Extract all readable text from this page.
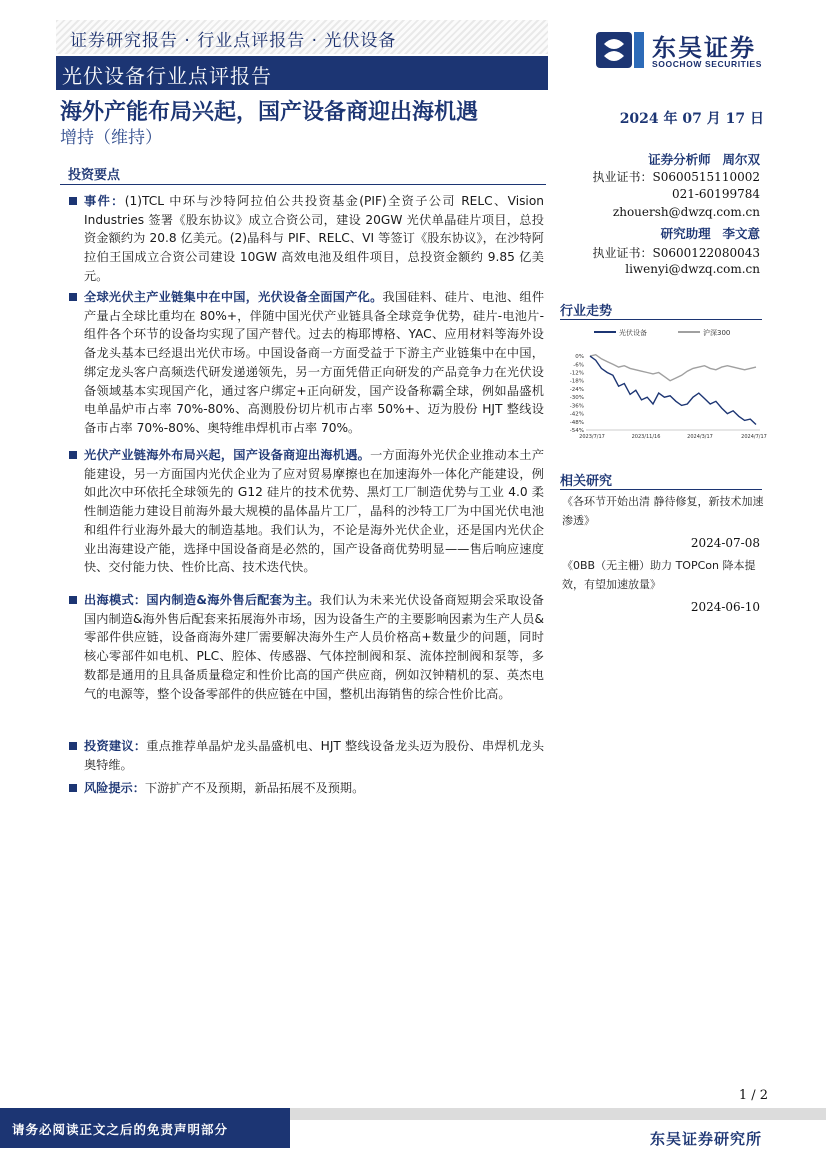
证券研究报告 · 行业点评报告 · 光伏设备
光伏设备行业点评报告
东吴证券
SOOCHOW SECURITIES
海外产能布局兴起，国产设备商迎出海机遇
增持（维持）
2024 年 07 月 17 日
投资要点
事件：(1)TCL 中环与沙特阿拉伯公共投资基金(PIF)全资子公司 RELC、Vision Industries 签署《股东协议》成立合资公司，建设 20GW 光伏单晶硅片项目，总投资金额约为 20.8 亿美元。(2)晶科与 PIF、RELC、VI 等签订《股东协议》，在沙特阿拉伯王国成立合资公司建设 10GW 高效电池及组件项目，总投资金额约 9.85 亿美元。
全球光伏主产业链集中在中国，光伏设备全面国产化。我国硅料、硅片、电池、组件产量占全球比重均在 80%+，伴随中国光伏产业链具备全球竞争优势，硅片-电池片-组件各个环节的设备均实现了国产替代。过去的梅耶博格、YAC、应用材料等海外设备龙头基本已经退出光伏市场。中国设备商一方面受益于下游主产业链集中在中国，绑定龙头客户高频迭代研发递递领先，另一方面凭借正向研发的产品竞争力在光伏设备领域基本实现国产化，通过客户绑定+正向研发，国产设备称霸全球，例如晶盛机电单晶炉市占率 70%-80%、高测股份切片机市占率 50%+、迈为股份 HJT 整线设备市占率 70%-80%、奥特维串焊机市占率 70%。
光伏产业链海外布局兴起，国产设备商迎出海机遇。一方面海外光伏企业推动本土产能建设，另一方面国内光伏企业为了应对贸易摩擦也在加速海外一体化产能建设，例如此次中环依托全球领先的 G12 硅片的技术优势、黑灯工厂制造优势与工业 4.0 柔性制造能力建设目前海外最大规模的晶体晶片工厂，晶科的沙特工厂为中国光伏电池和组件行业海外最大的制造基地。我们认为，不论是海外光伏企业，还是国内光伏企业出海建设产能，选择中国设备商是必然的，国产设备商优势明显——售后响应速度快、交付能力快、性价比高、技术迭代快。
出海模式：国内制造&海外售后配套为主。我们认为未来光伏设备商短期会采取设备国内制造&海外售后配套来拓展海外市场，因为设备生产的主要影响因素为生产人员&零部件供应链，设备商海外建厂需要解决海外生产人员价格高+数量少的问题，同时核心零部件如电机、PLC、腔体、传感器、气体控制阀和泵、流体控制阀和泵等，多数都是通用的且具备质量稳定和性价比高的国产供应商，例如汉钟精机的泵、英杰电气的电源等，整个设备零部件的供应链在中国，整机出海销售的综合性价比高。
投资建议：重点推荐单晶炉龙头晶盛机电、HJT 整线设备龙头迈为股份、串焊机龙头奥特维。
风险提示：下游扩产不及预期，新品拓展不及预期。
证券分析师 周尔双
执业证书：S0600515110002
021-60199784
zhouersh@dwzq.com.cn
研究助理 李文意
执业证书：S0600122080043
liwenyi@dwzq.com.cn
行业走势
光伏设备	沪深300
0%
-6%
-12%
-18%
-24%
-30%
-36%
-42%
-48%
-54%
2023/7/17	2023/11/16	2024/3/17	2024/7/17
相关研究
《各环节开始出清 静待修复，新技术加速渗透》
2024-07-08
《0BB（无主栅）助力 TOPCon 降本提效，有望加速放量》
2024-06-10
1 / 2
请务必阅读正文之后的免责声明部分
东吴证券研究所
